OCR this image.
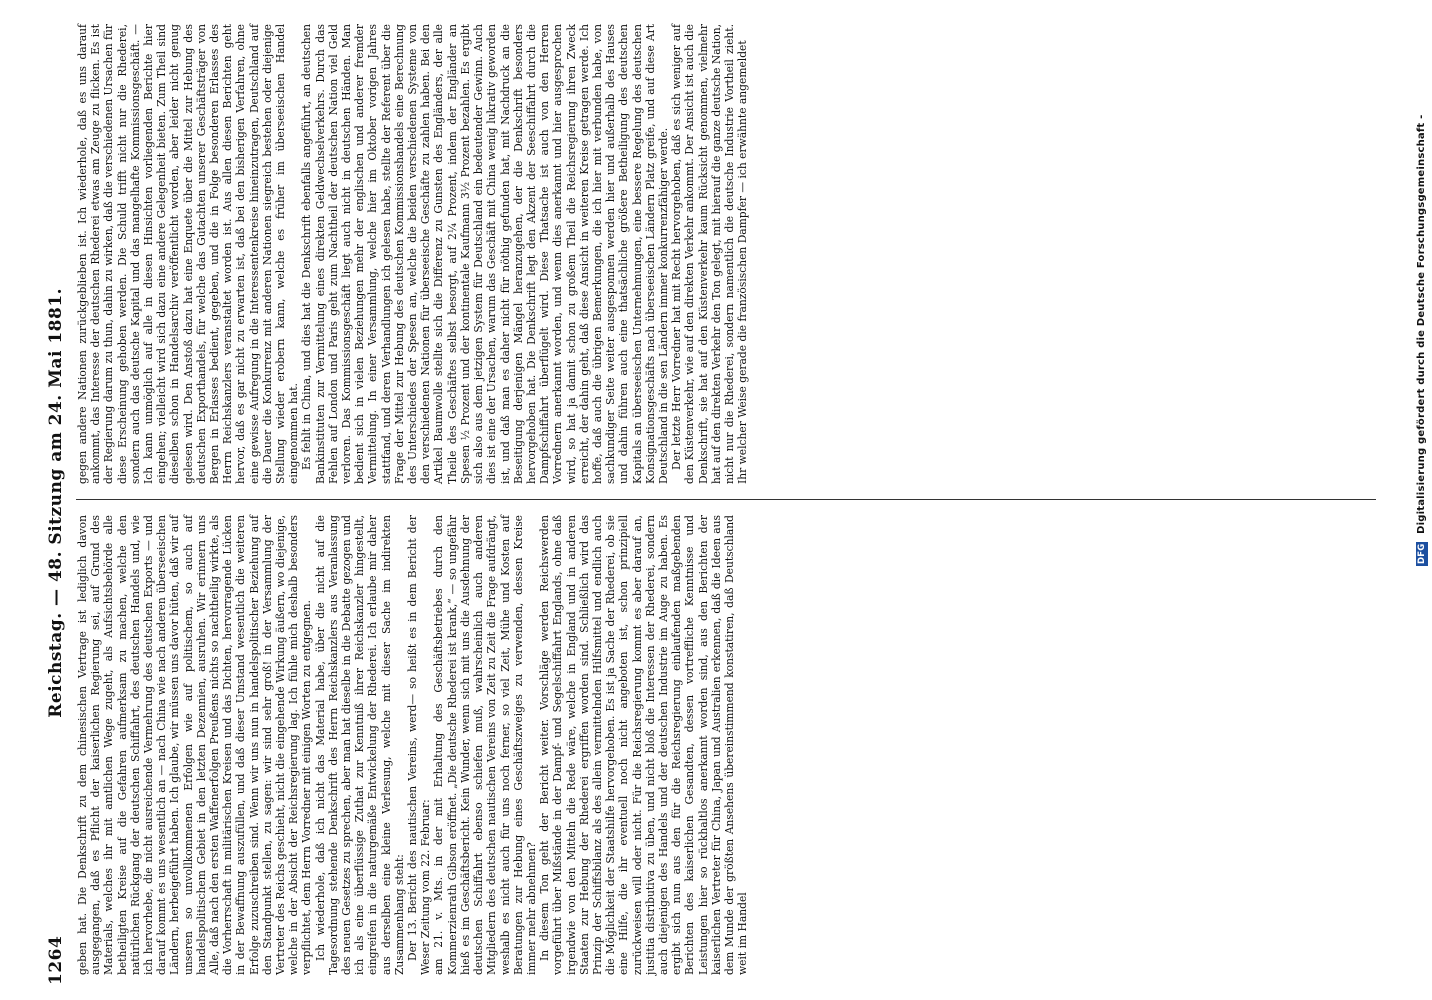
1264
Reichstag. — 48. Sitzung am 24. Mai 1881.

geben hat. Die Denkschrift zu dem chinesischen Vertrage ist lediglich davon ausgegangen, daß es Pflicht der kaiserlichen Regierung sei, auf Grund des Materials, welches ihr mit amtlichen Wege zugeht, als Aufsichtsbehörde alle betheiligten Kreise auf die Gefahren aufmerksam zu machen, welche den natürlichen Rückgang der deutschen Schiffahrt, des deutschen Handels und, wie ich hervorhebe, die nicht ausreichende Vermehrung des deutschen Exports — und darauf kommt es uns wesentlich an — nach China wie nach anderen überseeischen Ländern, herbeigeführt haben. Ich glaube, wir müssen uns davor hüten, daß wir auf unseren so unvollkommenen Erfolgen wie auf politischem, so auch auf handelspolitischem Gebiet in den letzten Dezennien, ausruhen. Wir erinnern uns Alle, daß nach den ersten Waffenerfolgen Preußens nichts so nachtheilig wirkte, als die Vorherrschaft in militärischen Kreisen und das Dichten, hervorragende Lücken in der Bewaffnung auszufüllen, und daß dieser Umstand wesentlich die weiteren Erfolge zuzuschreiben sind. Wenn wir uns nun in handelspolitischer Beziehung auf den Standpunkt stellen, zu sagen: wir sind sehr groß! in der Versammlung der Vertreter des Reichs geschieht, nicht die eingehende Wirkung äußern, wo diejenige, welche in der Absicht der Reichsregierung lag. Ich fühle mich deshalb besonders verpflichtet, dem Herrn Vorredner mit einigen Worten zu entgegnen. Ich wiederhole, daß ich nicht das Material habe, über die nicht auf die Tagesordnung stehende Denkschrift des Herrn Reichskanzlers aus Veranlassung des neuen Gesetzes zu sprechen, aber man hat dieselbe in die Debatte gezogen und ich als eine überflüssige Zuthat zur Kenntniß ihrer Reichskanzler hingestellt, eingreifen in die naturgemäße Entwickelung der Rhederei. Ich erlaube mir daher aus derselben eine kleine Verlesung, welche mit dieser Sache im indirekten Zusammenhang steht: Der 13. Bericht des nautischen Vereins, werd— so heißt es in dem Bericht der Weser Zeitung vom 22. Februar: am 21. v. Mts. in der mit Erhaltung des Geschäftsbetriebes durch den Kommerzienrath Gibson eröffnet. „Die deutsche Rhederei ist krank,“ — so ungefähr hieß es im Geschäftsbericht. Kein Wunder, wenn sich mit uns die Ausdehnung der deutschen Schiffahrt ebenso schiefen muß, wahrscheinlich auch anderen Mitgliedern des deutschen nautischen Vereins von Zeit zu Zeit die Frage aufdrängt, weshalb es nicht auch für uns noch ferner, so viel Zeit, Mühe und Kosten auf Beratungen zur Hebung eines Geschäftszweiges zu verwenden, dessen Kreise immer mehr abnehmen? In diesem Ton geht der Bericht weiter. Vorschläge werden Reichswerden vorgeführt über Mißstände in der Dampf- und Segelschiffahrt Englands, ohne daß irgendwie von den Mitteln die Rede wäre, welche in England und in anderen Staaten zur Hebung der Rhederei ergriffen worden sind. Schließlich wird das Prinzip der Schiffsbilanz als des allein vermittelnden Hilfsmittel und endlich auch die Möglichkeit der Staatshilfe hervorgehoben. Es ist ja Sache der Rhederei, ob sie eine Hilfe, die ihr eventuell noch nicht angeboten ist, schon prinzipiell zurückweisen will oder nicht. Für die Reichsregierung kommt es aber darauf an, justitia distributiva zu üben, und nicht bloß die Interessen der Rhederei, sondern auch diejenigen des Handels und der deutschen Industrie im Auge zu haben. Es ergibt sich nun aus den für die Reichsregierung einlaufenden maßgebenden Berichten des kaiserlichen Gesandten, dessen vortreffliche Kenntnisse und Leistungen hier so rückhaltlos anerkannt worden sind, aus den Berichten der kaiserlichen Vertreter für China, Japan und Australien erkennen, daß die Ideen aus dem Munde der größten Ansehens übereinstimmend konstatiren, daß Deutschland weit im Handel

gegen andere Nationen zurückgeblieben ist. Ich wiederhole, daß es uns darauf ankommt, das Interesse der deutschen Rhederei etwas am Zeuge zu flicken. Es ist der Regierung darum zu thun, dahin zu wirken, daß die verschiedenen Ursachen für diese Erscheinung gehoben werden. Die Schuld trifft nicht nur die Rhederei, sondern auch das deutsche Kapital und das mangelhafte Kommissionsgeschäft. — Ich kann unmöglich auf alle in diesen Hinsichten vorliegenden Berichte hier eingehen; vielleicht wird sich dazu eine andere Gelegenheit bieten. Zum Theil sind dieselben schon in Handelsarchiv veröffentlicht worden, aber leider nicht genug gelesen wird. Den Anstoß dazu hat eine Enquete über die Mittel zur Hebung des deutschen Exporthandels, für welche das Gutachten unserer Geschäftsträger von Bergen in Erlasses bedient, gegeben, und die in Folge besonderen Erlasses des Herrn Reichskanzlers veranstaltet worden ist. Aus allen diesen Berichten geht hervor, daß es gar nicht zu erwarten ist, daß bei den bisherigen Verfahren, ohne eine gewisse Aufregung in die Interessentenkreise hineinzutragen, Deutschland auf die Dauer die Konkurrenz mit anderen Nationen siegreich bestehen oder diejenige Stellung wieder erobern kann, welche es früher im überseeischen Handel eingenommen hat. Es fehlt in China, und dies hat die Denkschrift ebenfalls angeführt, an deutschen Bankinstituten zur Vermittelung eines direkten Geldwechselverkehrs. Durch das Fehlen auf London und Paris geht zum Nachtheil der deutschen Nation viel Geld verloren. Das Kommissionsgeschäft liegt auch nicht in deutschen Händen. Man bedient sich in vielen Beziehungen mehr der englischen und anderer fremder Vermittelung. In einer Versammlung, welche hier im Oktober vorigen Jahres stattfand, und deren Verhandlungen ich gelesen habe, stellte der Referent über die Frage der Mittel zur Hebung des deutschen Kommissionshandels eine Berechnung des Unterschiedes der Spesen an, welche die beiden verschiedenen Systeme von den verschiedenen Nationen für überseeische Geschäfte zu zahlen haben. Bei den Artikel Baumwolle stellte sich die Differenz zu Gunsten des Engländers, der alle Theile des Geschäftes selbst besorgt, auf 2¼ Prozent, indem der Engländer an Spesen ½ Prozent und der kontinentale Kaufmann 3½ Prozent bezahlen. Es ergibt sich also aus dem jetzigen System für Deutschland ein bedeutender Gewinn. Auch dies ist eine der Ursachen, warum das Geschäft mit China wenig lukrativ geworden ist, und daß man es daher nicht für nöthig gefunden hat, mit Nachdruck an die Beseitigung derjenigen Mängel heranzugehen, der die Denkschrift besonders hervorgehoben hat. Die Denkschrift legt den Akzent der Seeschiffahrt durch die Dampfschiffahrt überflügelt wird. Diese Thatsache ist auch von den Herren Vorrednern anerkannt worden, und wenn dies anerkannt und hier ausgesprochen wird, so hat ja damit schon zu großem Theil die Reichsregierung ihren Zweck erreicht, der dahin geht, daß diese Ansicht in weiteren Kreise getragen werde. Ich hoffe, daß auch die übrigen Bemerkungen, die ich hier mit verbunden habe, von sachkundiger Seite weiter ausgesponnen werden hier und außerhalb des Hauses und dahin führen auch eine thatsächliche größere Betheiligung des deutschen Kapitals an überseeischen Unternehmungen, eine bessere Regelung des deutschen Konsignationsgeschäfts nach überseeischen Ländern Platz greife, und auf diese Art Deutschland in die sen Ländern immer konkurrenzfähiger werde. Der letzte Herr Vorredner hat mit Recht hervorgehoben, daß es sich weniger auf den Küstenverkehr, wie auf den direkten Verkehr ankommt. Der Ansicht ist auch die Denkschrift, sie hat auf den Küstenverkehr kaum Rücksicht genommen, vielmehr hat auf den direkten Verkehr den Ton gelegt, mit hierauf die ganze deutsche Nation, nicht nur die Rhederei, sondern namentlich die deutsche Industrie Vortheil zieht. Ihr welcher Weise gerade die französischen Dampfer — ich erwähnte angemeldet

DFG Digitalisierung gefördert durch die Deutsche Forschungsgemeinschaft -
